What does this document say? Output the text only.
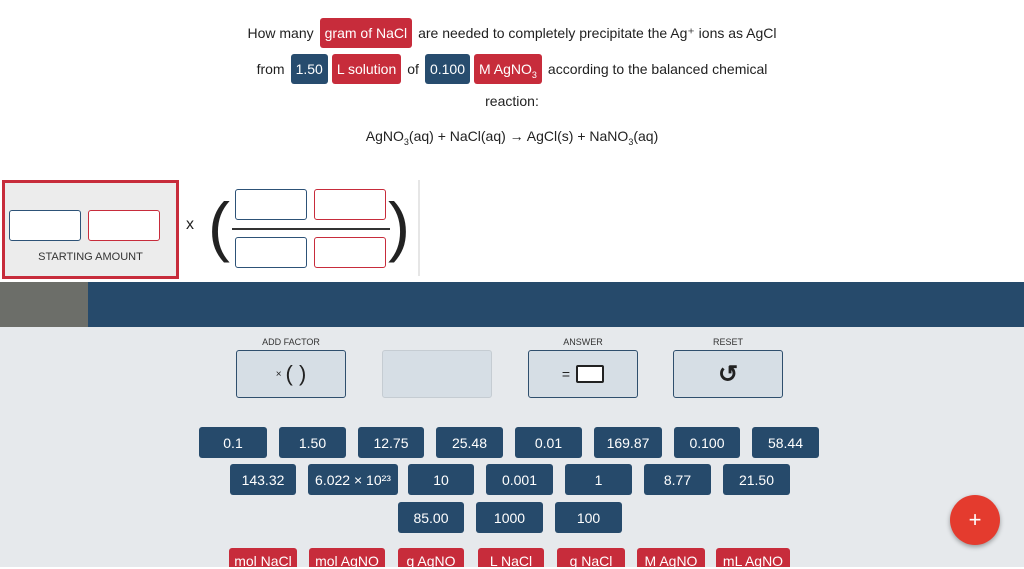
How many gram of NaCl are needed to completely precipitate the Ag⁺ ions as AgCl
from 1.50	L solution of 0.100	M AgNO$_3$ according to the balanced chemical
reaction:
AgNO$_3$(aq) + NaCl(aq) → AgCl(s) + NaNO$_3$(aq)
STARTING AMOUNT
x ( )
ADD FACTOR
× ( )
ANSWER
=
RESET
↺
0.1	1.50	12.75	25.48	0.01	169.87	0.100	58.44
143.32	6.022 × 10²³	10	0.001	1	8.77	21.50
85.00	1000	100
mol NaCl	mol AgNO	g AgNO	L NaCl	g NaCl	M AgNO	mL AgNO
+
